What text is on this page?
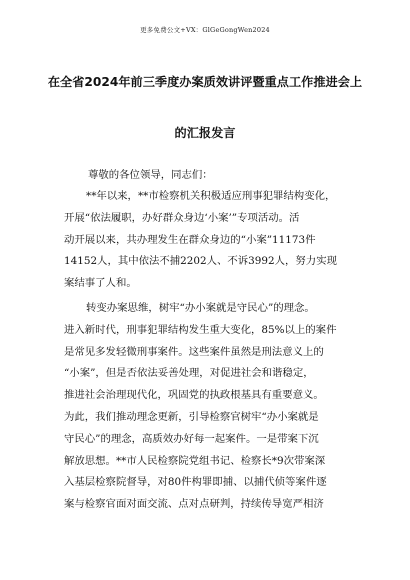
更多免费公文+VX：GlGeGongWen2024
在全省2024年前三季度办案质效讲评暨重点工作推进会上
的汇报发言
尊敬的各位领导，同志们：
**年以来，**市检察机关积极适应刑事犯罪结构变化，
开展“依法履职，办好群众身边‘小案’”专项活动。活
动开展以来，共办理发生在群众身边的“小案”11173件
14152人，其中依法不捕2202人、不诉3992人，努力实现
案结事了人和。
转变办案思维，树牢“办小案就是守民心”的理念。
进入新时代，刑事犯罪结构发生重大变化，85%以上的案件
是常见多发轻微刑事案件。这些案件虽然是刑法意义上的
“小案”，但是否依法妥善处理，对促进社会和谐稳定，
推进社会治理现代化，巩固党的执政根基具有重要意义。
为此，我们推动理念更新，引导检察官树牢“办小案就是
守民心”的理念，高质效办好每一起案件。一是带案下沉
解放思想。**市人民检察院党组书记、检察长*9次带案深
入基层检察院督导，对80件构罪即捕、以捕代侦等案件逐
案与检察官面对面交流、点对点研判，持续传导宽严相济
